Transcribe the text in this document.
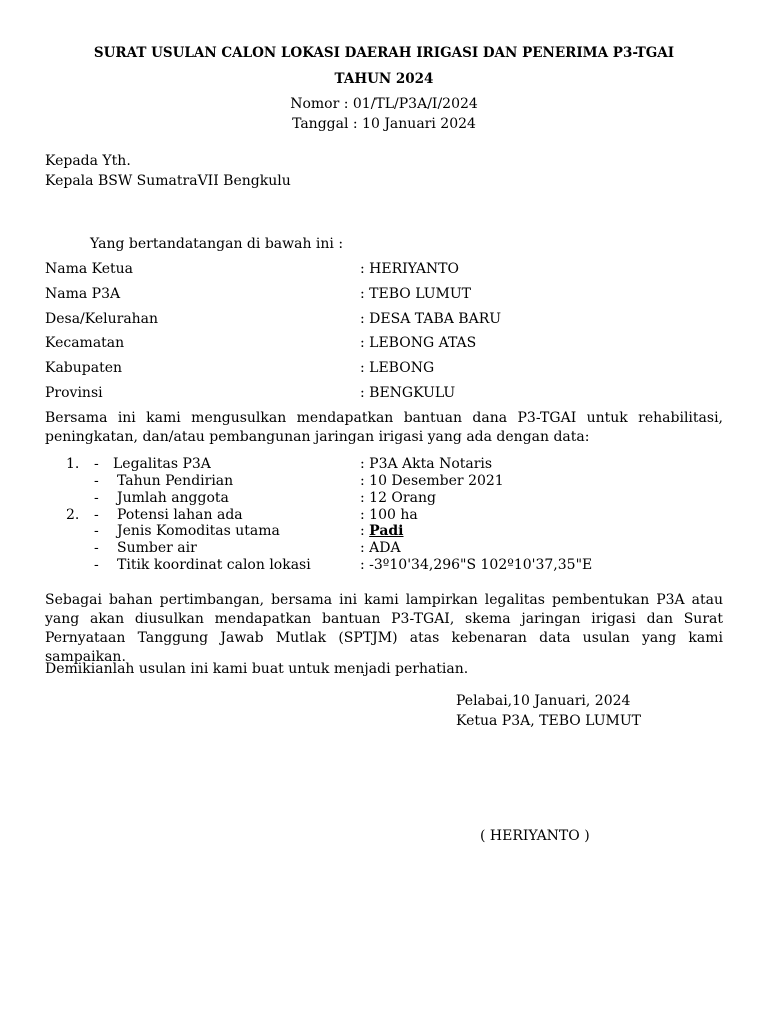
SURAT USULAN CALON LOKASI DAERAH IRIGASI DAN PENERIMA P3-TGAI
TAHUN 2024
Nomor : 01/TL/P3A/I/2024
Tanggal : 10 Januari 2024
Kepada Yth.
Kepala BSW SumatraVII Bengkulu
Yang bertandatangan di bawah ini :
Nama Ketua	: HERIYANTO
Nama P3A	: TEBO LUMUT
Desa/Kelurahan	: DESA TABA BARU
Kecamatan	: LEBONG ATAS
Kabupaten	: LEBONG
Provinsi	: BENGKULU
Bersama ini kami mengusulkan mendapatkan bantuan dana P3-TGAI untuk rehabilitasi, peningkatan, dan/atau pembangunan jaringan irigasi yang ada dengan data:
1. - Legalitas P3A	: P3A Akta Notaris
- Tahun Pendirian	: 10 Desember 2021
- Jumlah anggota	: 12 Orang
2. - Potensi lahan ada	: 100 ha
- Jenis Komoditas utama	: Padi
- Sumber air	: ADA
- Titik koordinat calon lokasi	: -3º10'34,296"S 102º10'37,35"E
Sebagai bahan pertimbangan, bersama ini kami lampirkan legalitas pembentukan P3A atau yang akan diusulkan mendapatkan bantuan P3-TGAI, skema jaringan irigasi dan Surat Pernyataan Tanggung Jawab Mutlak (SPTJM) atas kebenaran data usulan yang kami sampaikan.
Demikianlah usulan ini kami buat untuk menjadi perhatian.
Pelabai,10 Januari, 2024
Ketua P3A, TEBO LUMUT
( HERIYANTO )
